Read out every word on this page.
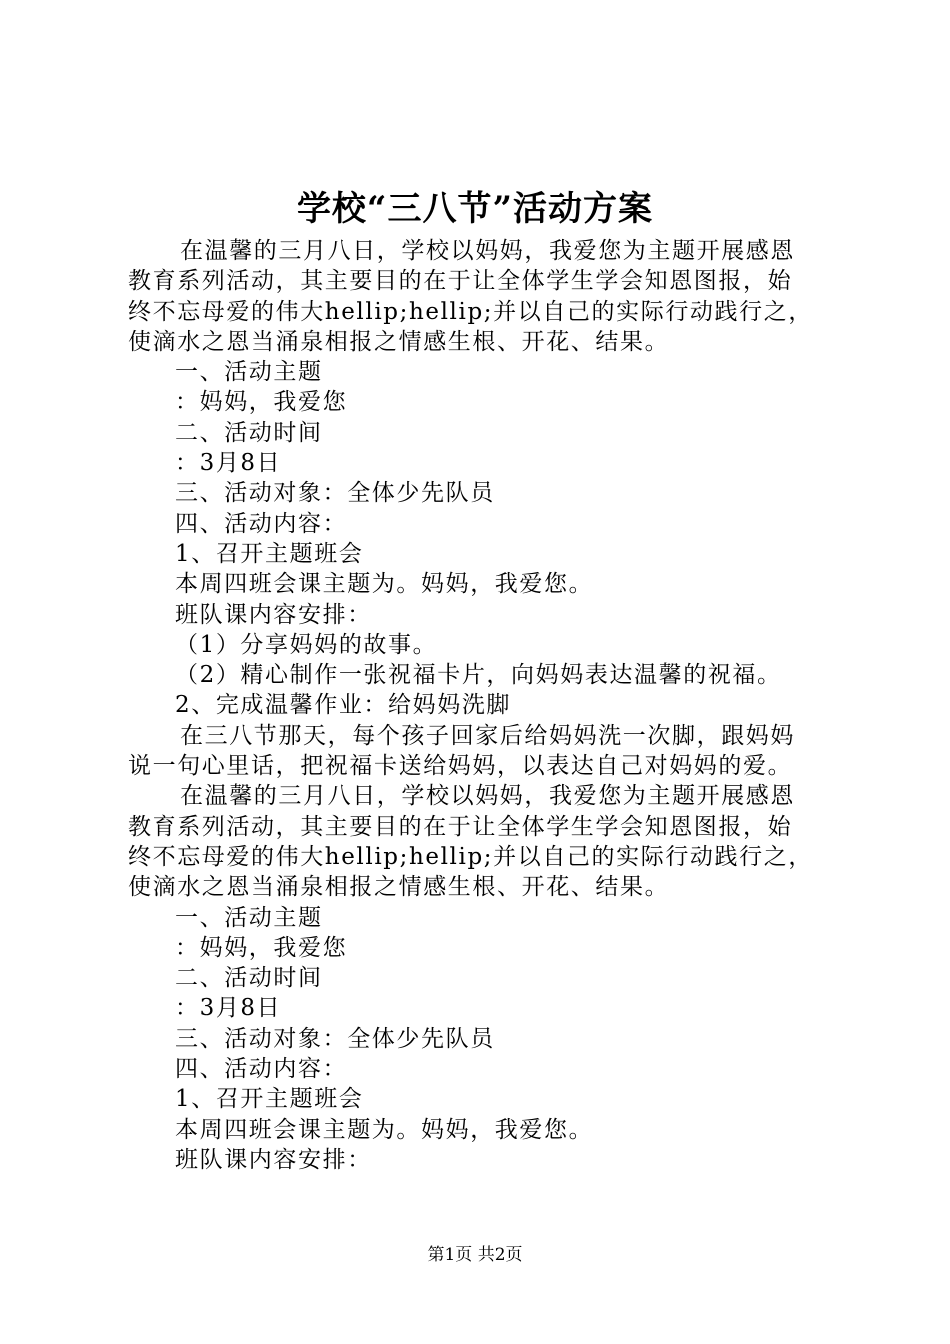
学校“三八节”活动方案

在温馨的三月八日，学校以妈妈，我爱您为主题开展感恩

教育系列活动，其主要目的在于让全体学生学会知恩图报，始

终不忘母爱的伟大hellip;hellip;并以自己的实际行动践行之，

使滴水之恩当涌泉相报之情感生根、开花、结果。

一、活动主题

：妈妈，我爱您

二、活动时间

：3月8日

三、活动对象：全体少先队员

四、活动内容：

1、召开主题班会

本周四班会课主题为。妈妈，我爱您。

班队课内容安排：

（1）分享妈妈的故事。

（2）精心制作一张祝福卡片，向妈妈表达温馨的祝福。

2、完成温馨作业：给妈妈洗脚

在三八节那天，每个孩子回家后给妈妈洗一次脚，跟妈妈

说一句心里话，把祝福卡送给妈妈，以表达自己对妈妈的爱。

在温馨的三月八日，学校以妈妈，我爱您为主题开展感恩

教育系列活动，其主要目的在于让全体学生学会知恩图报，始

终不忘母爱的伟大hellip;hellip;并以自己的实际行动践行之，

使滴水之恩当涌泉相报之情感生根、开花、结果。

一、活动主题

：妈妈，我爱您

二、活动时间

：3月8日

三、活动对象：全体少先队员

四、活动内容：

1、召开主题班会

本周四班会课主题为。妈妈，我爱您。

班队课内容安排：

第1页 共2页
